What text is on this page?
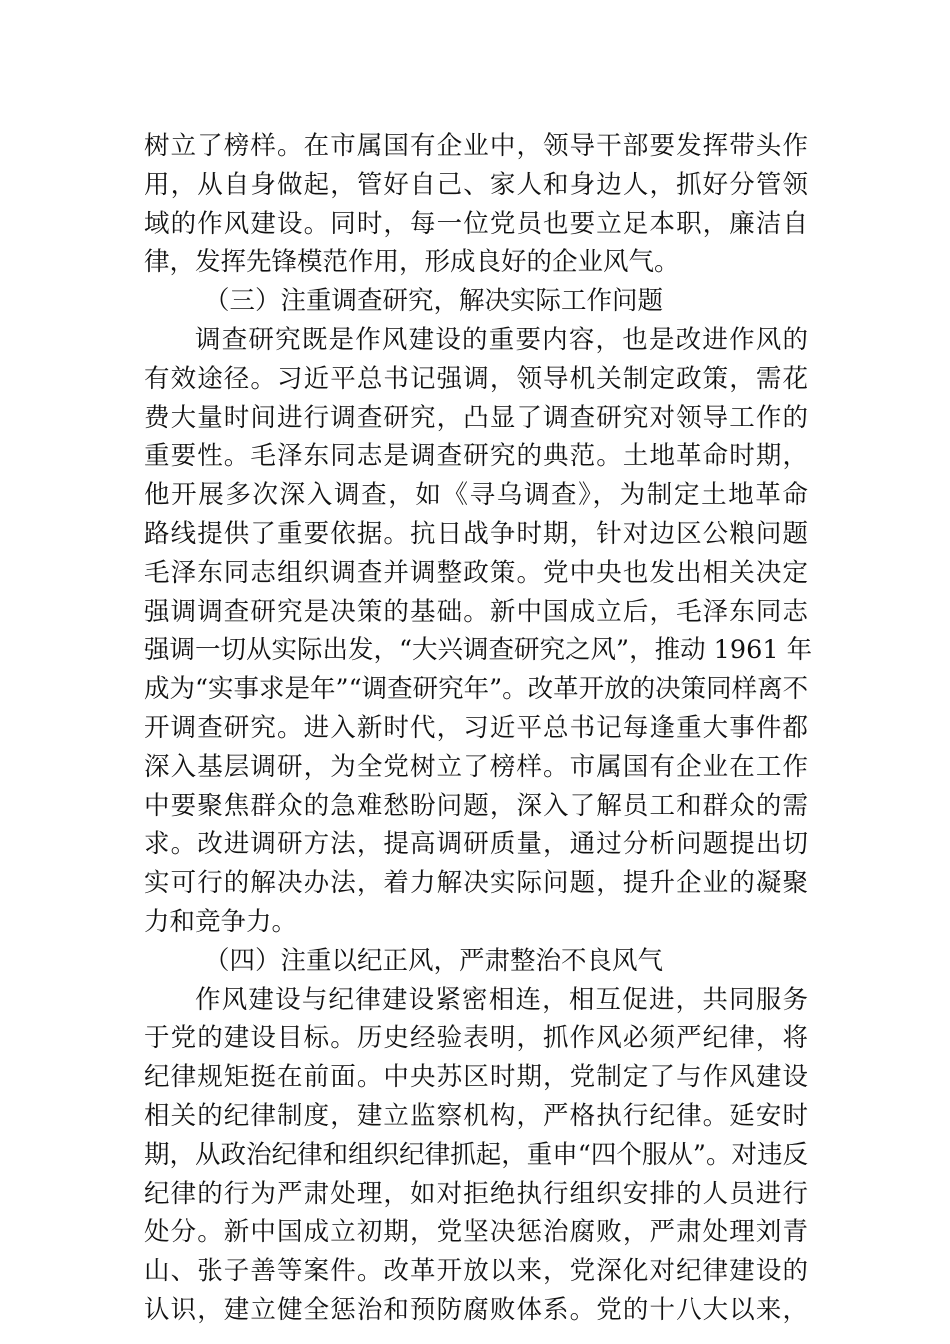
树立了榜样。在市属国有企业中，领导干部要发挥带头作
用，从自身做起，管好自己、家人和身边人，抓好分管领
域的作风建设。同时，每一位党员也要立足本职，廉洁自
律，发挥先锋模范作用，形成良好的企业风气。
（三）注重调查研究，解决实际工作问题
调查研究既是作风建设的重要内容，也是改进作风的
有效途径。习近平总书记强调，领导机关制定政策，需花
费大量时间进行调查研究，凸显了调查研究对领导工作的
重要性。毛泽东同志是调查研究的典范。土地革命时期，
他开展多次深入调查，如《寻乌调查》，为制定土地革命
路线提供了重要依据。抗日战争时期，针对边区公粮问题
毛泽东同志组织调查并调整政策。党中央也发出相关决定
强调调查研究是决策的基础。新中国成立后，毛泽东同志
强调一切从实际出发，“大兴调查研究之风”，推动 1961 年
成为“实事求是年”“调查研究年”。改革开放的决策同样离不
开调查研究。进入新时代，习近平总书记每逢重大事件都
深入基层调研，为全党树立了榜样。市属国有企业在工作
中要聚焦群众的急难愁盼问题，深入了解员工和群众的需
求。改进调研方法，提高调研质量，通过分析问题提出切
实可行的解决办法，着力解决实际问题，提升企业的凝聚
力和竞争力。
（四）注重以纪正风，严肃整治不良风气
作风建设与纪律建设紧密相连，相互促进，共同服务
于党的建设目标。历史经验表明，抓作风必须严纪律，将
纪律规矩挺在前面。中央苏区时期，党制定了与作风建设
相关的纪律制度，建立监察机构，严格执行纪律。延安时
期，从政治纪律和组织纪律抓起，重申“四个服从”。对违反
纪律的行为严肃处理，如对拒绝执行组织安排的人员进行
处分。新中国成立初期，党坚决惩治腐败，严肃处理刘青
山、张子善等案件。改革开放以来，党深化对纪律建设的
认识，建立健全惩治和预防腐败体系。党的十八大以来，
